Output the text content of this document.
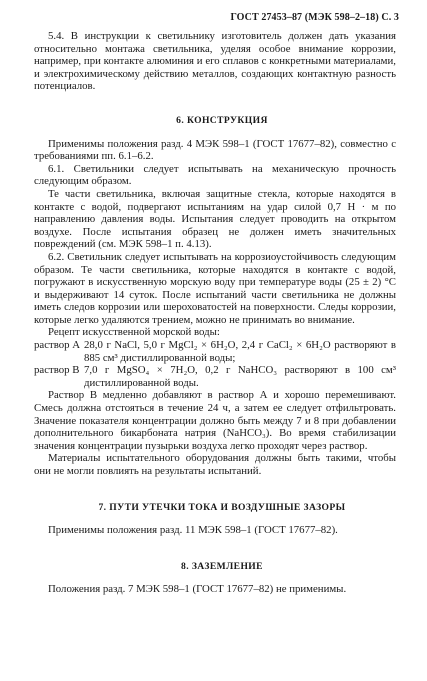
ГОСТ 27453–87 (МЭК 598–2–18) С. 3

5.4. В инструкции к светильнику изготовитель должен дать указания относительно монтажа светильника, уделяя особое внимание коррозии, например, при контакте алюминия и его сплавов с конкретными материалами, и электрохимическому действию металлов, создающих контактную разность потенциалов.

6. КОНСТРУКЦИЯ

Применимы положения разд. 4 МЭК 598–1 (ГОСТ 17677–82), совместно с требованиями пп. 6.1–6.2.

6.1. Светильники следует испытывать на механическую прочность следующим образом.

Те части светильника, включая защитные стекла, которые находятся в контакте с водой, подвергают испытаниям на удар силой 0,7 Н · м по направлению давления воды. Испытания следует проводить на открытом воздухе. После испытания образец не должен иметь значительных повреждений (см. МЭК 598–1 п. 4.13).

6.2. Светильник следует испытывать на коррозиоустойчивость следующим образом. Те части светильника, которые находятся в контакте с водой, погружают в искусственную морскую воду при температуре воды (25 ± 2) °С и выдерживают 14 суток. После испытаний части светильника не должны иметь следов коррозии или шероховатостей на поверхности. Следы коррозии, которые легко удаляются трением, можно не принимать во внимание.

Рецепт искусственной морской воды:

раствор А 28,0 г NaCl, 5,0 г MgCl₂ × 6H₂O, 2,4 г CaCl₂ × 6H₂O растворяют в 885 см³ дистиллированной воды;
раствор В 7,0 г MgSO₄ × 7H₂O, 0,2 г NaHCO₃ растворяют в 100 см³ дистиллированной воды.

Раствор В медленно добавляют в раствор А и хорошо перемешивают. Смесь должна отстояться в течение 24 ч, а затем ее следует отфильтровать. Значение показателя концентрации должно быть между 7 и 8 при добавлении дополнительного бикарбоната натрия (NaHCO₃). Во время стабилизации значения концентрации пузырьки воздуха легко проходят через раствор.

Материалы испытательного оборудования должны быть такими, чтобы они не могли повлиять на результаты испытаний.

7. ПУТИ УТЕЧКИ ТОКА И ВОЗДУШНЫЕ ЗАЗОРЫ

Применимы положения разд. 11 МЭК 598–1 (ГОСТ 17677–82).

8. ЗАЗЕМЛЕНИЕ

Положения разд. 7 МЭК 598–1 (ГОСТ 17677–82) не применимы.
